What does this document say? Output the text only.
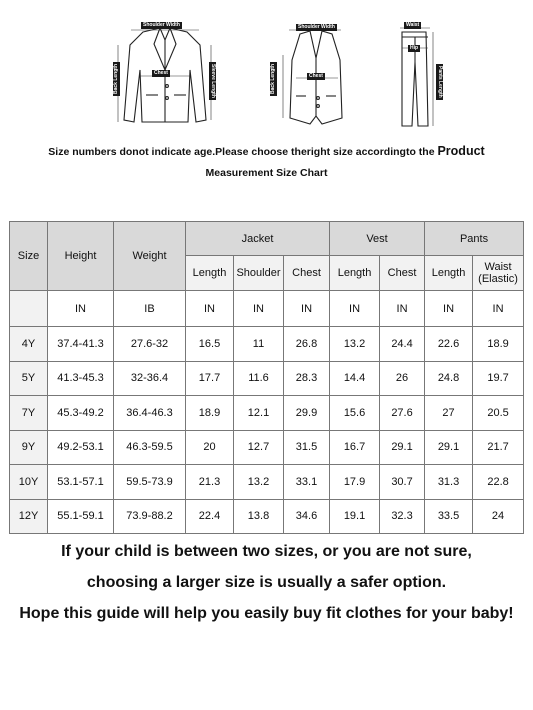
Shoulder Width
Chest
Back Length	Sleeve Length
Shoulder Width
Chest
Back Length
Waist
Hip
Pants Length
Size numbers donot indicate age.Please choose theright size accordingto the Product
Measurement Size Chart
Size	Height	Weight	Jacket			Vest		Pants	
			Length	Shoulder	Chest	Length	Chest	Length	Waist (Elastic)
	IN	IB	IN	IN	IN	IN	IN	IN	IN
4Y	37.4-41.3	27.6-32	16.5	11	26.8	13.2	24.4	22.6	18.9
5Y	41.3-45.3	32-36.4	17.7	11.6	28.3	14.4	26	24.8	19.7
7Y	45.3-49.2	36.4-46.3	18.9	12.1	29.9	15.6	27.6	27	20.5
9Y	49.2-53.1	46.3-59.5	20	12.7	31.5	16.7	29.1	29.1	21.7
10Y	53.1-57.1	59.5-73.9	21.3	13.2	33.1	17.9	30.7	31.3	22.8
12Y	55.1-59.1	73.9-88.2	22.4	13.8	34.6	19.1	32.3	33.5	24
If your child is between two sizes, or you are not sure,
choosing a larger size is usually a safer option.
Hope this guide will help you easily buy fit clothes for your baby!
